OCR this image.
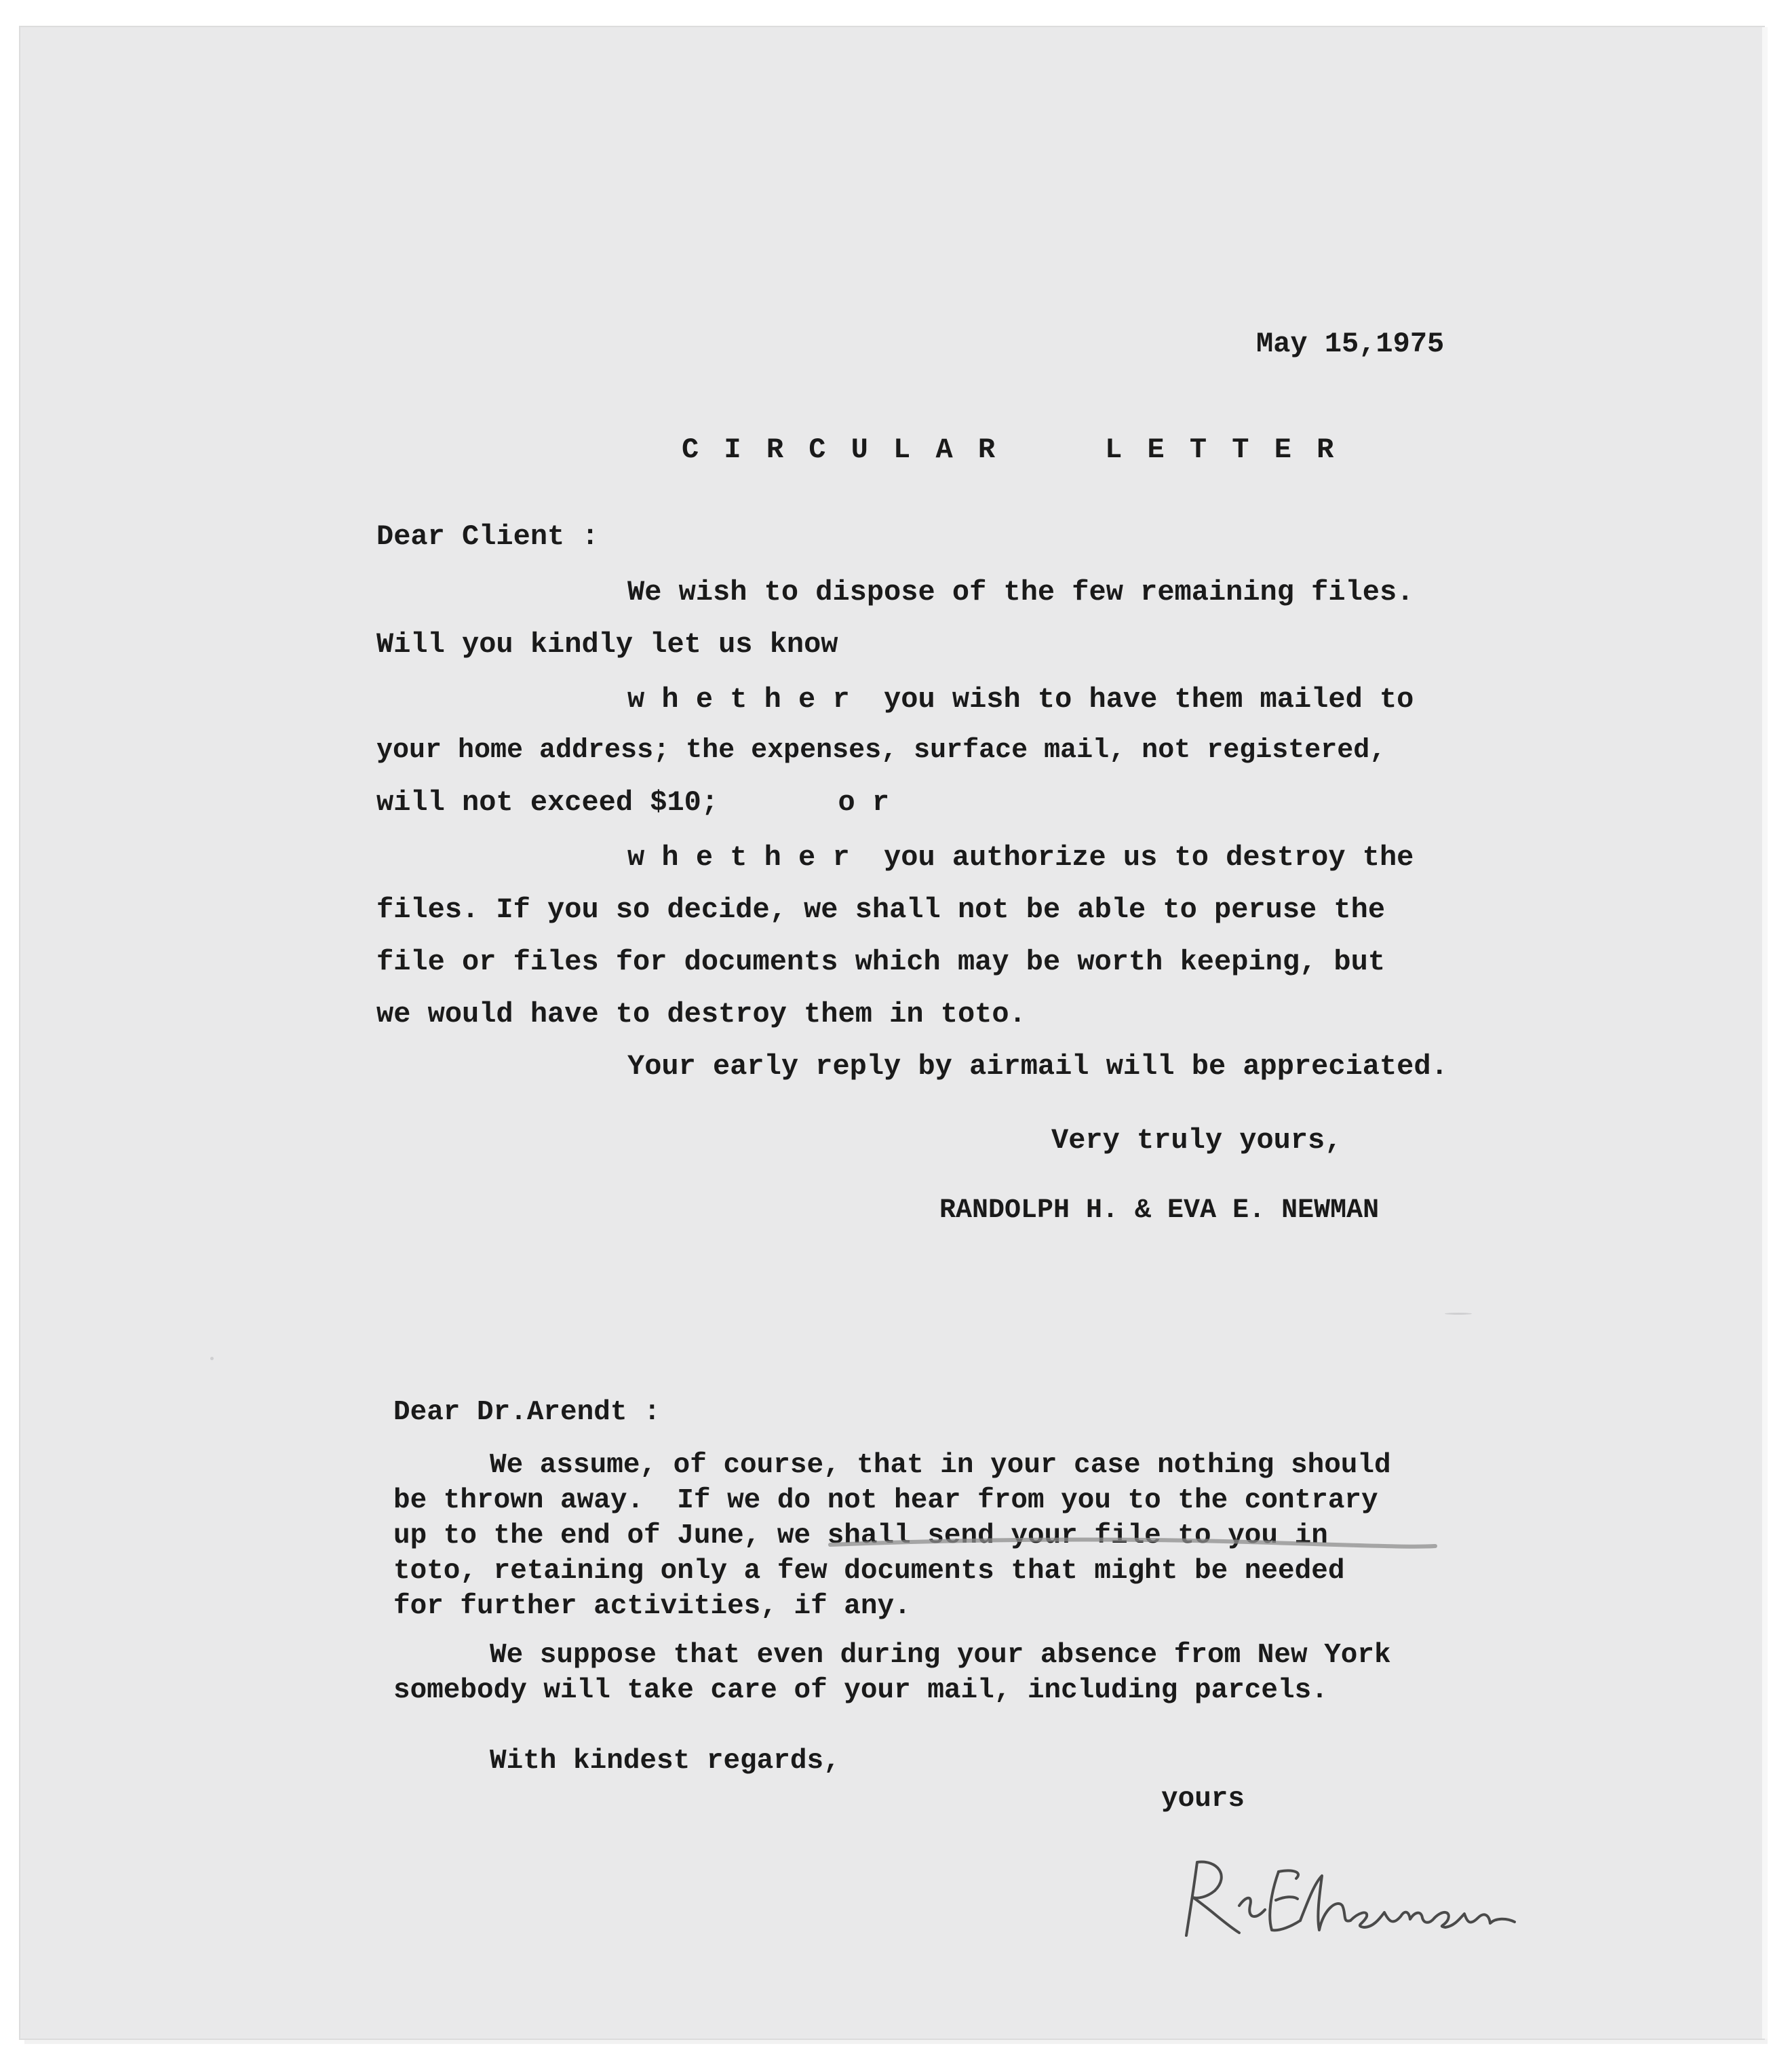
May 15,1975
C I R C U L A R     L E T T E R
Dear Client :
We wish to dispose of the few remaining files.
Will you kindly let us know
w h e t h e r  you wish to have them mailed to
your home address; the expenses, surface mail, not registered,
will not exceed $10;       o r
w h e t h e r  you authorize us to destroy the
files. If you so decide, we shall not be able to peruse the
file or files for documents which may be worth keeping, but
we would have to destroy them in toto.
Your early reply by airmail will be appreciated.
Very truly yours,
RANDOLPH H. & EVA E. NEWMAN
Dear Dr.Arendt :
We assume, of course, that in your case nothing should
be thrown away.  If we do not hear from you to the contrary
up to the end of June, we shall send your file to you in
toto, retaining only a few documents that might be needed
for further activities, if any.
We suppose that even during your absence from New York
somebody will take care of your mail, including parcels.
With kindest regards,
yours
